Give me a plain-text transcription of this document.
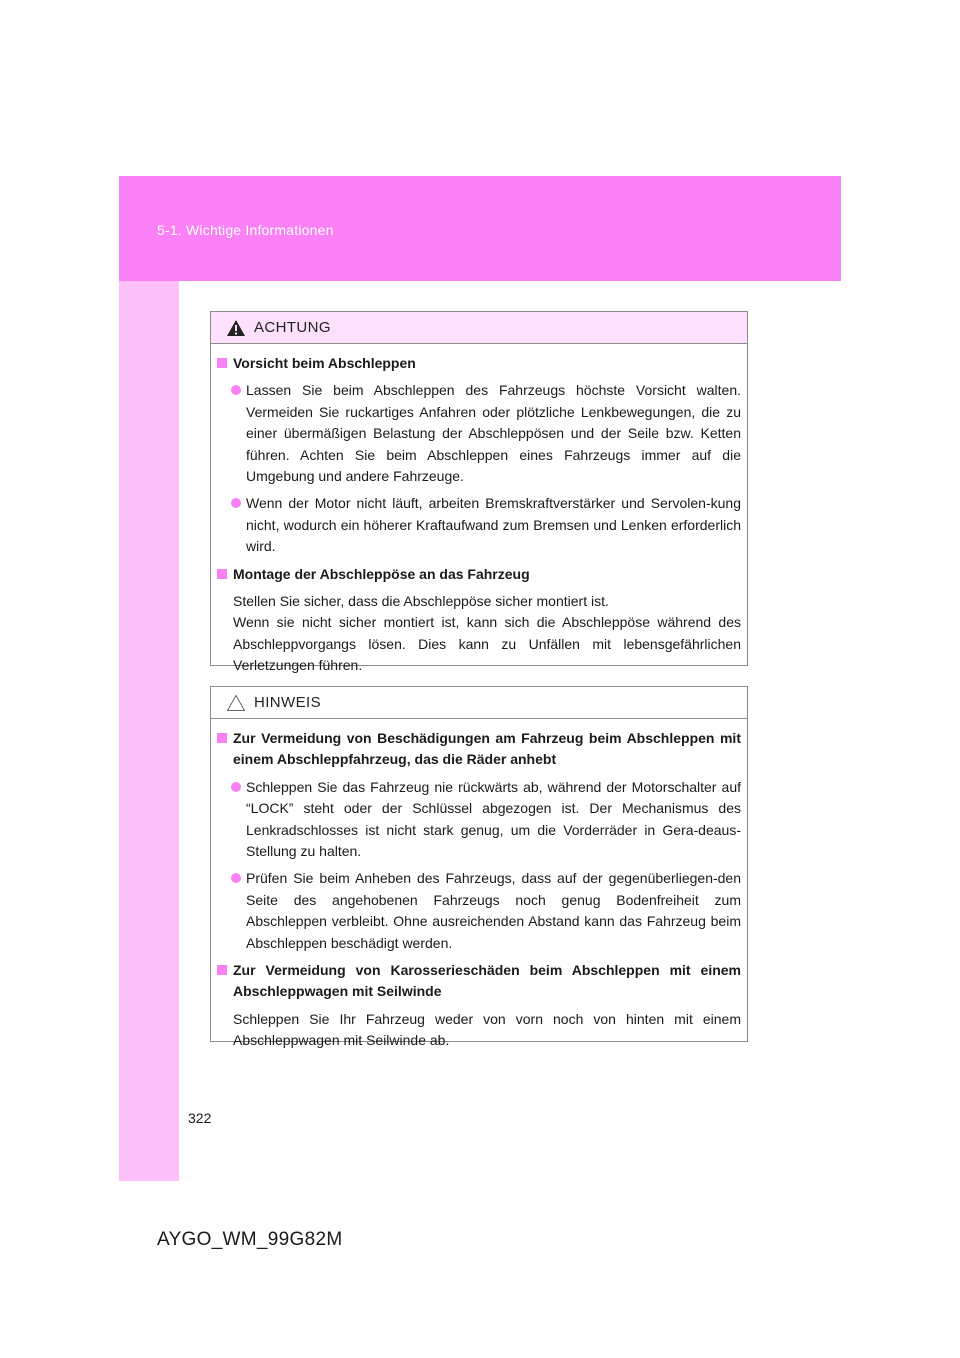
5-1. Wichtige Informationen
ACHTUNG
Vorsicht beim Abschleppen
Lassen Sie beim Abschleppen des Fahrzeugs höchste Vorsicht walten. Vermeiden Sie ruckartiges Anfahren oder plötzliche Lenkbewegungen, die zu einer übermäßigen Belastung der Abschleppösen und der Seile bzw. Ketten führen. Achten Sie beim Abschleppen eines Fahrzeugs immer auf die Umgebung und andere Fahrzeuge.
Wenn der Motor nicht läuft, arbeiten Bremskraftverstärker und Servolen-kung nicht, wodurch ein höherer Kraftaufwand zum Bremsen und Lenken erforderlich wird.
Montage der Abschleppöse an das Fahrzeug
Stellen Sie sicher, dass die Abschleppöse sicher montiert ist.
Wenn sie nicht sicher montiert ist, kann sich die Abschleppöse während des Abschleppvorgangs lösen. Dies kann zu Unfällen mit lebensgefährlichen Verletzungen führen.
HINWEIS
Zur Vermeidung von Beschädigungen am Fahrzeug beim Abschleppen mit einem Abschleppfahrzeug, das die Räder anhebt
Schleppen Sie das Fahrzeug nie rückwärts ab, während der Motorschalter auf “LOCK” steht oder der Schlüssel abgezogen ist. Der Mechanismus des Lenkradschlosses ist nicht stark genug, um die Vorderräder in Gera-deaus-Stellung zu halten.
Prüfen Sie beim Anheben des Fahrzeugs, dass auf der gegenüberliegen-den Seite des angehobenen Fahrzeugs noch genug Bodenfreiheit zum Abschleppen verbleibt. Ohne ausreichenden Abstand kann das Fahrzeug beim Abschleppen beschädigt werden.
Zur Vermeidung von Karosserieschäden beim Abschleppen mit einem Abschleppwagen mit Seilwinde
Schleppen Sie Ihr Fahrzeug weder von vorn noch von hinten mit einem Abschleppwagen mit Seilwinde ab.
322
AYGO_WM_99G82M
